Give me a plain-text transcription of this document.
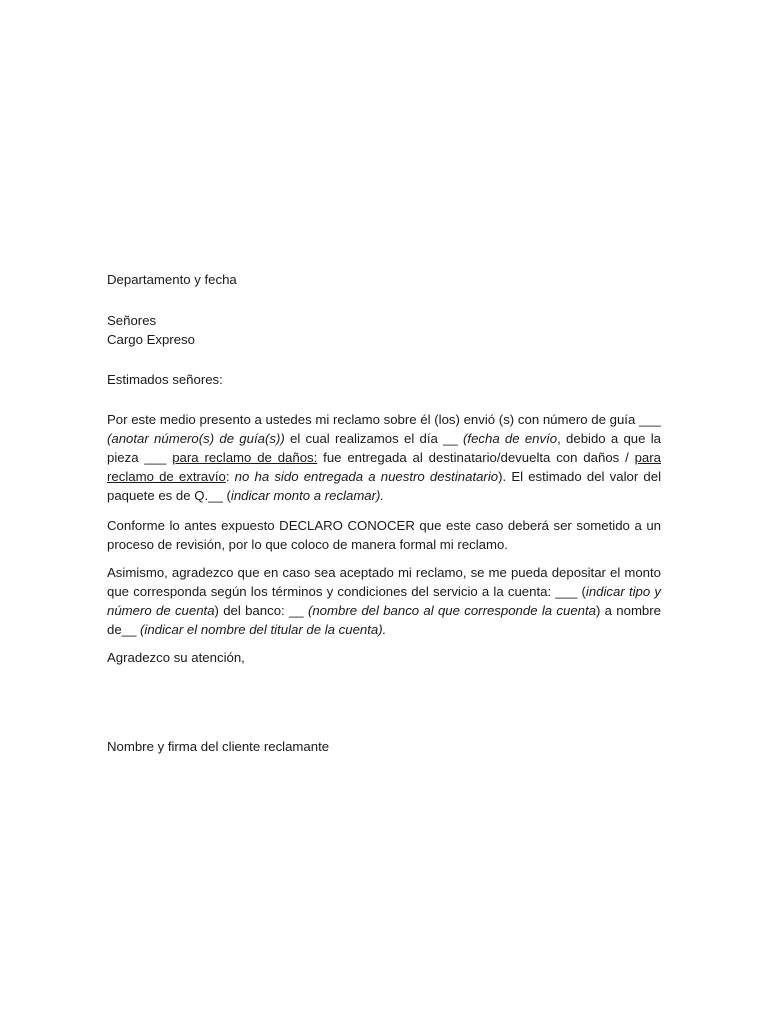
Departamento y fecha
Señores
Cargo Expreso
Estimados señores:
Por este medio presento a ustedes mi reclamo sobre él (los) envió (s) con número de guía ___ (anotar número(s) de guía(s)) el cual realizamos el día __ (fecha de envío, debido a que la pieza ___ para reclamo de daños: fue entregada al destinatario/devuelta con daños / para reclamo de extravío: no ha sido entregada a nuestro destinatario). El estimado del valor del paquete es de Q.__ (indicar monto a reclamar).
Conforme lo antes expuesto DECLARO CONOCER que este caso deberá ser sometido a un proceso de revisión, por lo que coloco de manera formal mi reclamo.
Asimismo, agradezco que en caso sea aceptado mi reclamo, se me pueda depositar el monto que corresponda según los términos y condiciones del servicio a la cuenta: ___ (indicar tipo y número de cuenta) del banco: __ (nombre del banco al que corresponde la cuenta) a nombre de__ (indicar el nombre del titular de la cuenta).
Agradezco su atención,
Nombre y firma del cliente reclamante
